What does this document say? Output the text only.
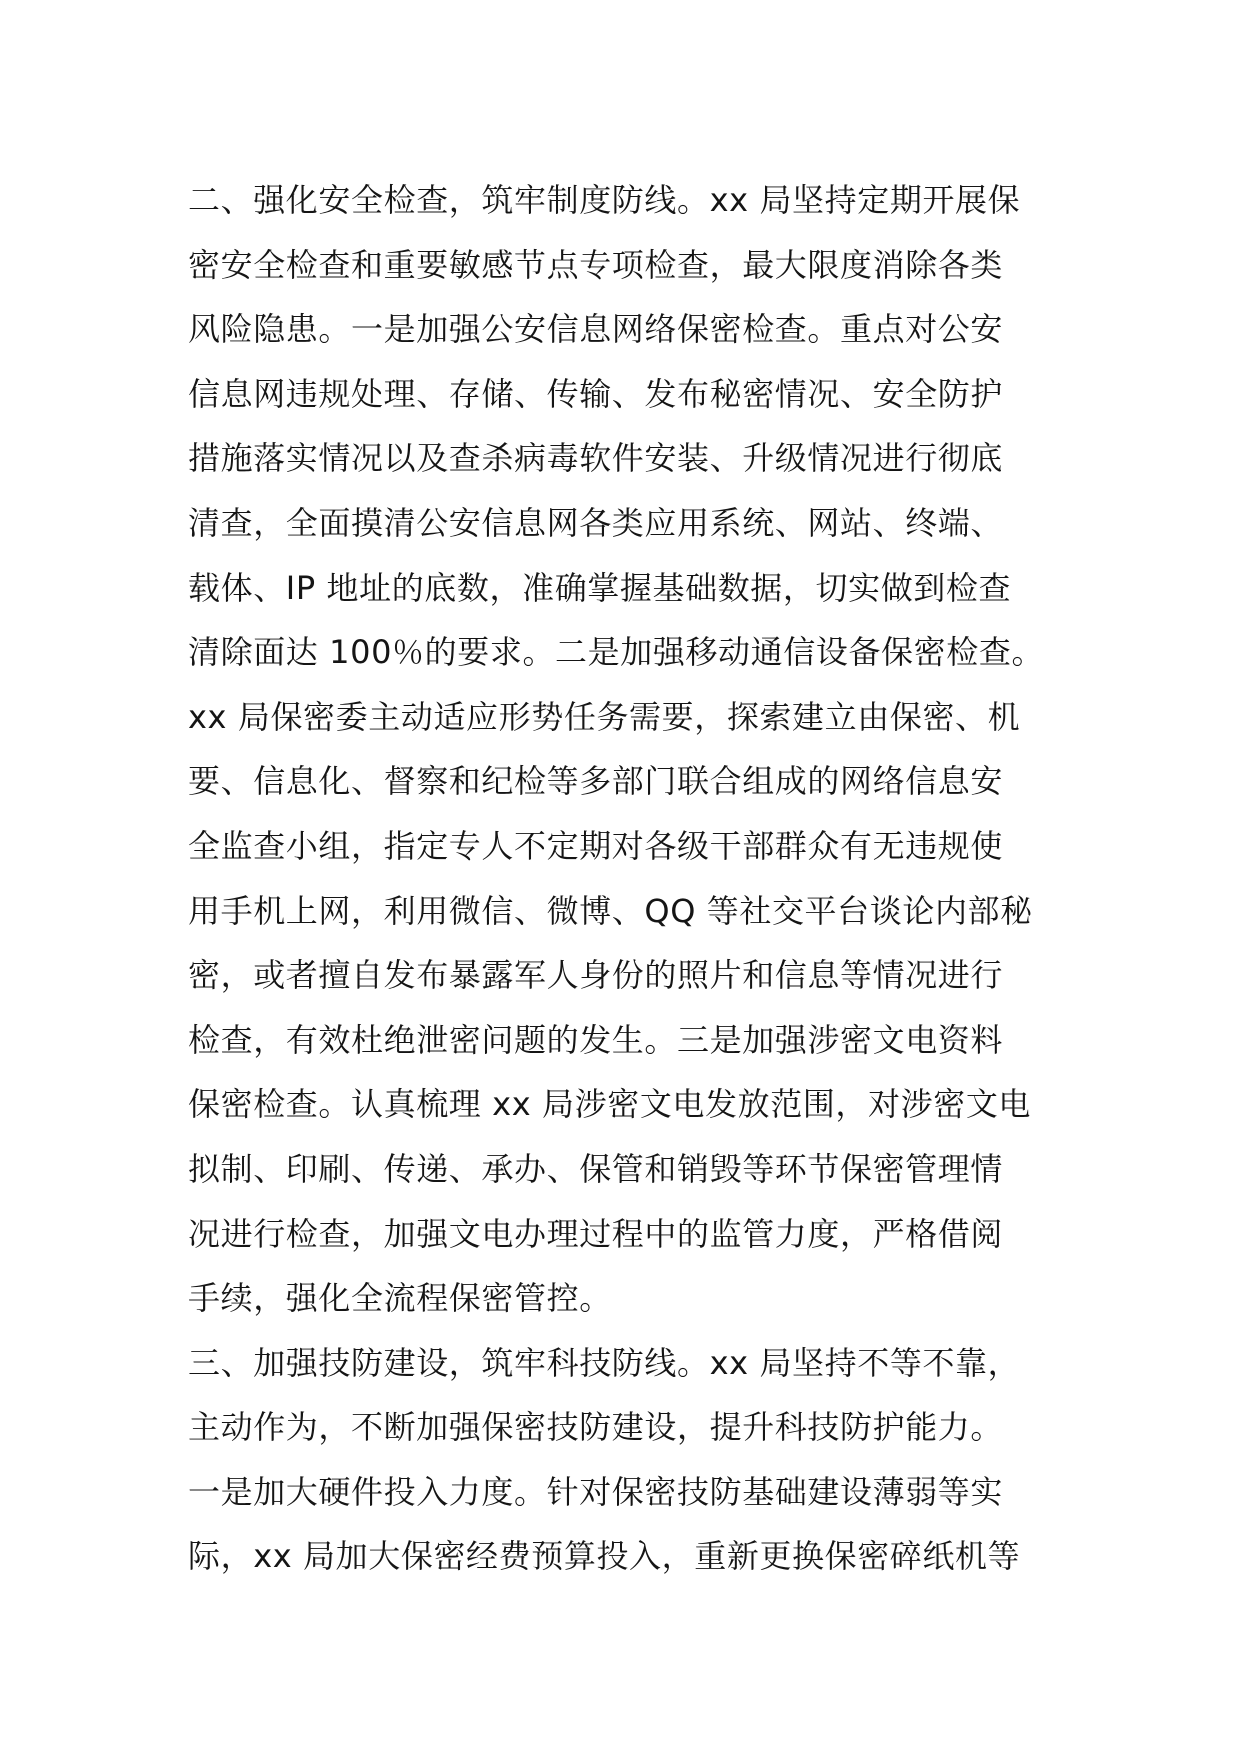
二、强化安全检查，筑牢制度防线。xx 局坚持定期开展保
密安全检查和重要敏感节点专项检查，最大限度消除各类
风险隐患。一是加强公安信息网络保密检查。重点对公安
信息网违规处理、存储、传输、发布秘密情况、安全防护
措施落实情况以及查杀病毒软件安装、升级情况进行彻底
清查，全面摸清公安信息网各类应用系统、网站、终端、
载体、IP 地址的底数，准确掌握基础数据，切实做到检查
清除面达 100％的要求。二是加强移动通信设备保密检查。
xx 局保密委主动适应形势任务需要，探索建立由保密、机
要、信息化、督察和纪检等多部门联合组成的网络信息安
全监查小组，指定专人不定期对各级干部群众有无违规使
用手机上网，利用微信、微博、QQ 等社交平台谈论内部秘
密，或者擅自发布暴露军人身份的照片和信息等情况进行
检查，有效杜绝泄密问题的发生。三是加强涉密文电资料
保密检查。认真梳理 xx 局涉密文电发放范围，对涉密文电
拟制、印刷、传递、承办、保管和销毁等环节保密管理情
况进行检查，加强文电办理过程中的监管力度，严格借阅
手续，强化全流程保密管控。
三、加强技防建设，筑牢科技防线。xx 局坚持不等不靠，
主动作为，不断加强保密技防建设，提升科技防护能力。
一是加大硬件投入力度。针对保密技防基础建设薄弱等实
际，xx 局加大保密经费预算投入，重新更换保密碎纸机等
